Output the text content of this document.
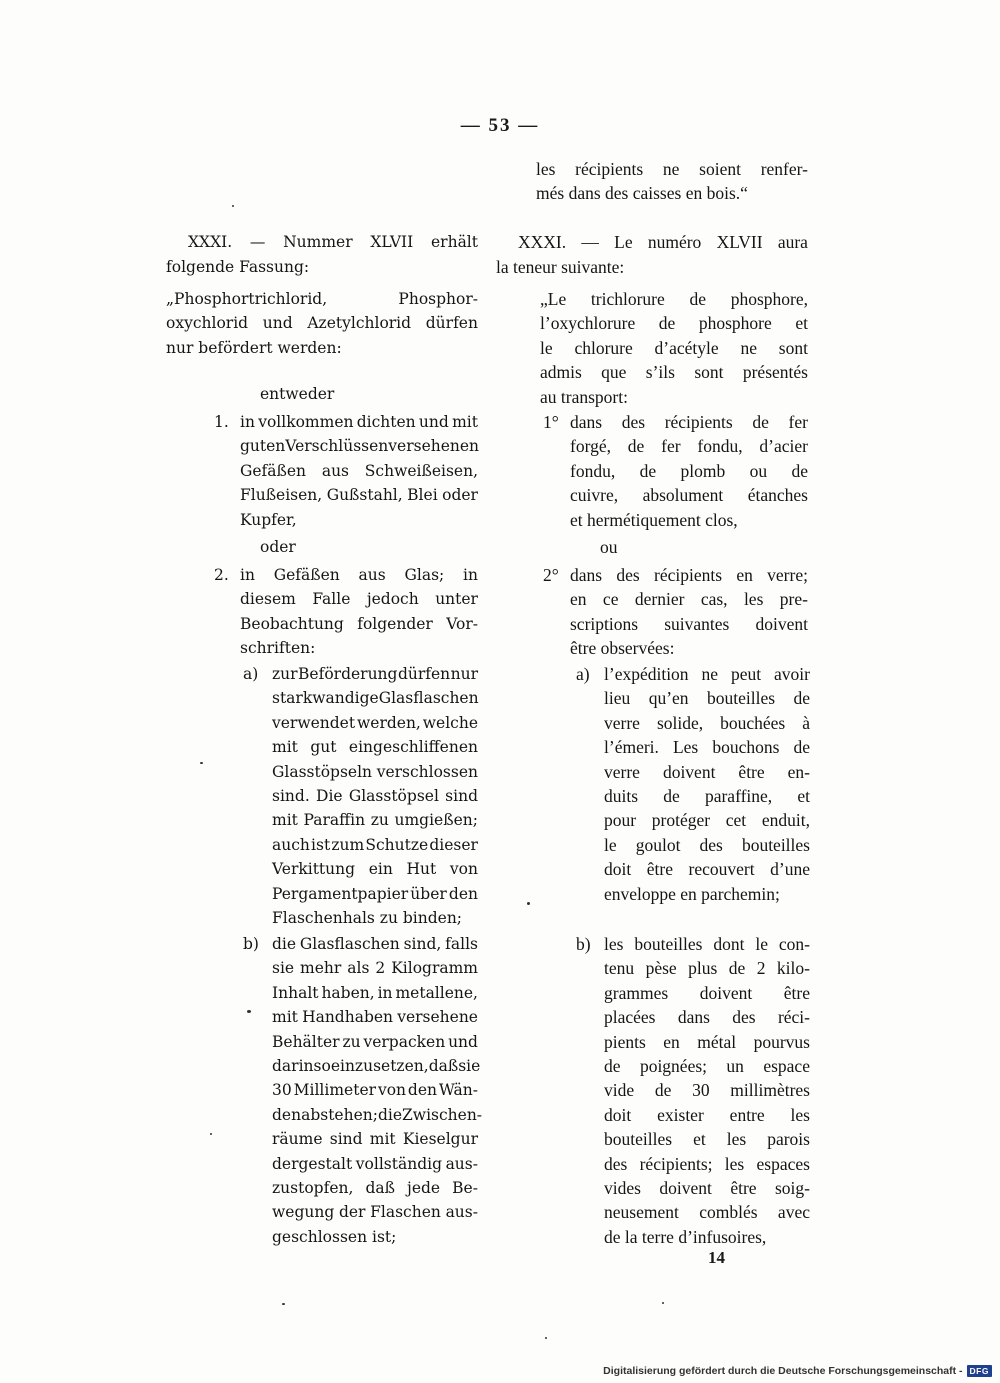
— 53 —
XXXI. — Nummer XLVII erhält
folgende Fassung:
„Phosphortrichlorid,	Phosphor-
oxychlorid und Azetylchlorid dürfen
nur befördert werden:
entweder
1. in vollkommen dichten und mit
guten Verschlüssen versehenen
Gefäßen aus Schweißeisen,
Flußeisen, Gußstahl, Blei oder
Kupfer,
oder
2. in Gefäßen aus Glas; in
diesem Falle jedoch unter
Beobachtung folgender Vor-
schriften:
a) zur Beförderung dürfen nur
starkwandige Glasflaschen
verwendet werden, welche
mit gut eingeschliffenen
Glasstöpseln verschlossen
sind. Die Glasstöpsel sind
mit Paraffin zu umgießen;
auch ist zum Schutze dieser
Verkittung ein Hut von
Pergamentpapier über den
Flaschenhals zu binden;
b) die Glasflaschen sind, falls
sie mehr als 2 Kilogramm
Inhalt haben, in metallene,
mit Handhaben versehene
Behälter zu verpacken und
darin so einzusetzen, daß sie
30 Millimeter von den Wän-
den abstehen; die Zwischen-
räume sind mit Kieselgur
dergestalt vollständig aus-
zustopfen, daß jede Be-
wegung der Flaschen aus-
geschlossen ist;
les récipients ne soient renfer-
més dans des caisses en bois.“
XXXI. — Le numéro XLVII aura
la teneur suivante:
„Le trichlorure de phosphore,
l’oxychlorure de phosphore et
le chlorure d’acétyle ne sont
admis que s’ils sont présentés
au transport:
1° dans des récipients de fer
forgé, de fer fondu, d’acier
fondu, de plomb ou de
cuivre, absolument étanches
et hermétiquement clos,
ou
2° dans des récipients en verre;
en ce dernier cas, les pre-
scriptions suivantes doivent
être observées:
a) l’expédition ne peut avoir
lieu qu’en bouteilles de
verre solide, bouchées à
l’émeri. Les bouchons de
verre doivent être en-
duits de paraffine, et
pour protéger cet enduit,
le goulot des bouteilles
doit être recouvert d’une
enveloppe en parchemin;
b) les bouteilles dont le con-
tenu pèse plus de 2 kilo-
grammes doivent être
placées dans des réci-
pients en métal pourvus
de poignées; un espace
vide de 30 millimètres
doit exister entre les
bouteilles et les parois
des récipients; les espaces
vides doivent être soig-
neusement comblés avec
de la terre d’infusoires,
14
Digitalisierung gefördert durch die Deutsche Forschungsgemeinschaft - DFG
